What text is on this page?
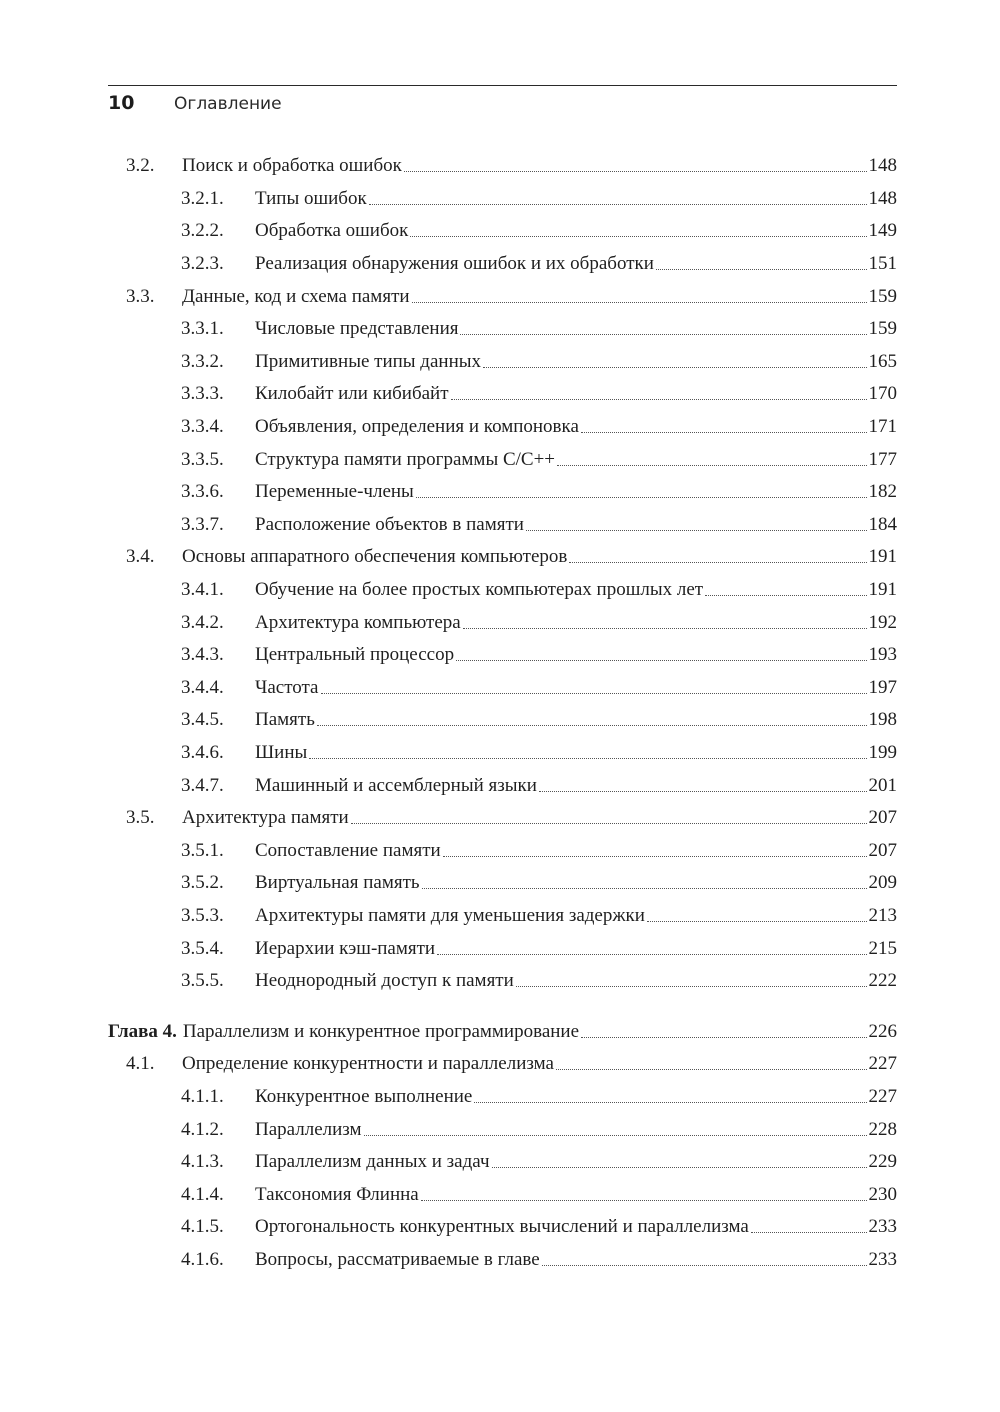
10	Оглавление
3.2. Поиск и обработка ошибок	148
3.2.1. Типы ошибок	148
3.2.2. Обработка ошибок	149
3.2.3. Реализация обнаружения ошибок и их обработки	151
3.3. Данные, код и схема памяти	159
3.3.1. Числовые представления	159
3.3.2. Примитивные типы данных	165
3.3.3. Килобайт или кибибайт	170
3.3.4. Объявления, определения и компоновка	171
3.3.5. Структура памяти программы C/C++	177
3.3.6. Переменные-члены	182
3.3.7. Расположение объектов в памяти	184
3.4. Основы аппаратного обеспечения компьютеров	191
3.4.1. Обучение на более простых компьютерах прошлых лет	191
3.4.2. Архитектура компьютера	192
3.4.3. Центральный процессор	193
3.4.4. Частота	197
3.4.5. Память	198
3.4.6. Шины	199
3.4.7. Машинный и ассемблерный языки	201
3.5. Архитектура памяти	207
3.5.1. Сопоставление памяти	207
3.5.2. Виртуальная память	209
3.5.3. Архитектуры памяти для уменьшения задержки	213
3.5.4. Иерархии кэш-памяти	215
3.5.5. Неоднородный доступ к памяти	222
Глава 4. Параллелизм и конкурентное программирование	226
4.1. Определение конкурентности и параллелизма	227
4.1.1. Конкурентное выполнение	227
4.1.2. Параллелизм	228
4.1.3. Параллелизм данных и задач	229
4.1.4. Таксономия Флинна	230
4.1.5. Ортогональность конкурентных вычислений и параллелизма	233
4.1.6. Вопросы, рассматриваемые в главе	233
